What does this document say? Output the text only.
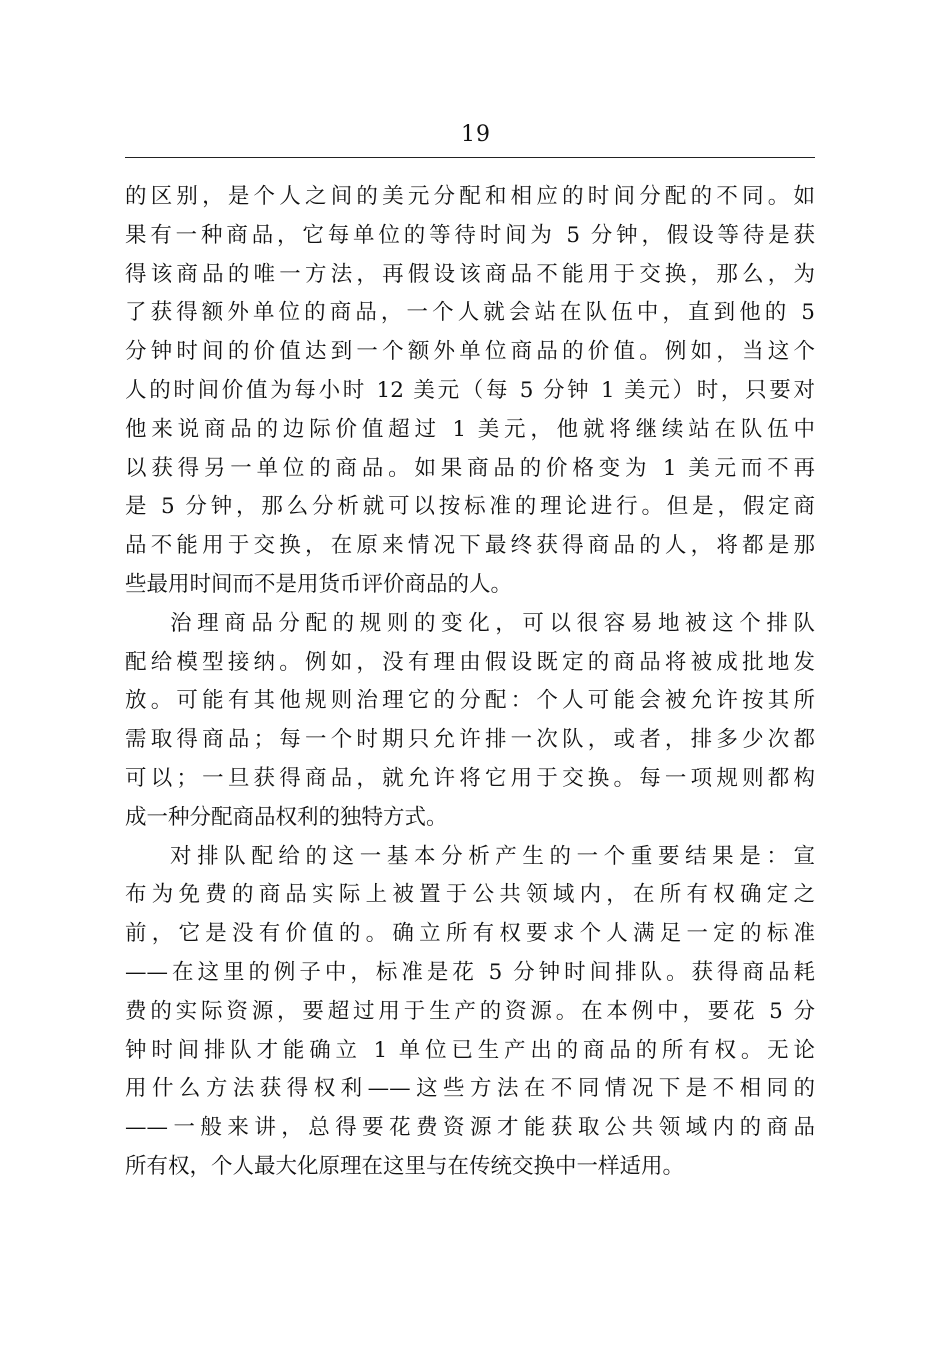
19
的区别，是个人之间的美元分配和相应的时间分配的不同。如
果有一种商品，它每单位的等待时间为 5 分钟，假设等待是获
得该商品的唯一方法，再假设该商品不能用于交换，那么，为
了获得额外单位的商品，一个人就会站在队伍中，直到他的 5
分钟时间的价值达到一个额外单位商品的价值。例如，当这个
人的时间价值为每小时 12 美元（每 5 分钟 1 美元）时，只要对
他来说商品的边际价值超过 1 美元，他就将继续站在队伍中
以获得另一单位的商品。如果商品的价格变为 1 美元而不再
是 5 分钟，那么分析就可以按标准的理论进行。但是，假定商
品不能用于交换，在原来情况下最终获得商品的人，将都是那
些最用时间而不是用货币评价商品的人。
治理商品分配的规则的变化，可以很容易地被这个排队
配给模型接纳。例如，没有理由假设既定的商品将被成批地发
放。可能有其他规则治理它的分配：个人可能会被允许按其所
需取得商品；每一个时期只允许排一次队，或者，排多少次都
可以；一旦获得商品，就允许将它用于交换。每一项规则都构
成一种分配商品权利的独特方式。
对排队配给的这一基本分析产生的一个重要结果是：宣
布为免费的商品实际上被置于公共领域内，在所有权确定之
前，它是没有价值的。确立所有权要求个人满足一定的标准
——在这里的例子中，标准是花 5 分钟时间排队。获得商品耗
费的实际资源，要超过用于生产的资源。在本例中，要花 5 分
钟时间排队才能确立 1 单位已生产出的商品的所有权。无论
用什么方法获得权利——这些方法在不同情况下是不相同的
——一般来讲，总得要花费资源才能获取公共领域内的商品
所有权，个人最大化原理在这里与在传统交换中一样适用。
